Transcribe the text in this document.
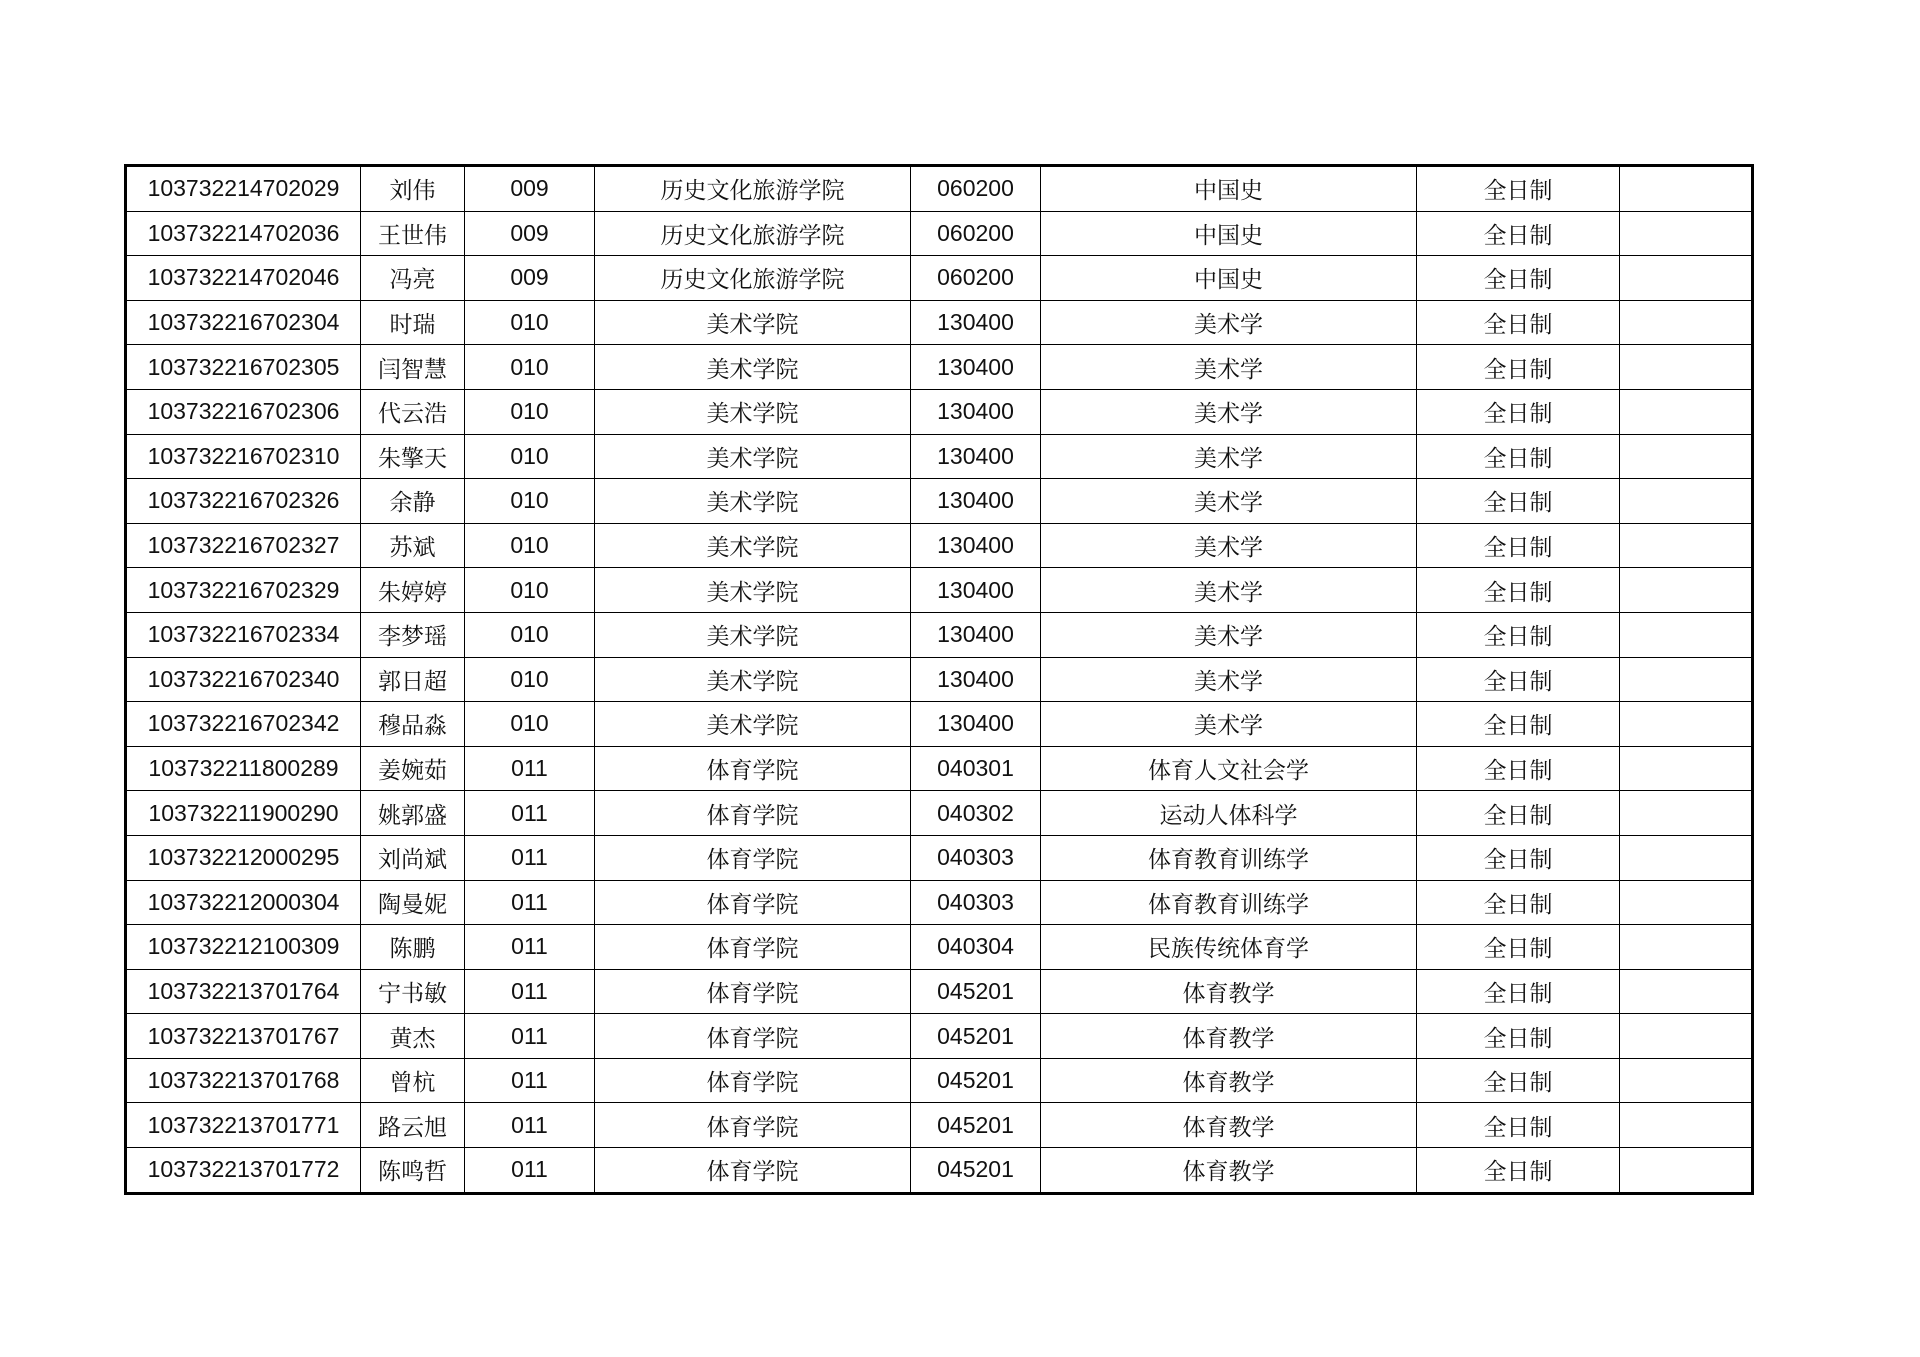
103732214702029	刘伟	009	历史文化旅游学院	060200	中国史	全日制	
103732214702036	王世伟	009	历史文化旅游学院	060200	中国史	全日制	
103732214702046	冯亮	009	历史文化旅游学院	060200	中国史	全日制	
103732216702304	时瑞	010	美术学院	130400	美术学	全日制	
103732216702305	闫智慧	010	美术学院	130400	美术学	全日制	
103732216702306	代云浩	010	美术学院	130400	美术学	全日制	
103732216702310	朱擎天	010	美术学院	130400	美术学	全日制	
103732216702326	余静	010	美术学院	130400	美术学	全日制	
103732216702327	苏斌	010	美术学院	130400	美术学	全日制	
103732216702329	朱婷婷	010	美术学院	130400	美术学	全日制	
103732216702334	李梦瑶	010	美术学院	130400	美术学	全日制	
103732216702340	郭日超	010	美术学院	130400	美术学	全日制	
103732216702342	穆品淼	010	美术学院	130400	美术学	全日制	
103732211800289	姜婉茹	011	体育学院	040301	体育人文社会学	全日制	
103732211900290	姚郭盛	011	体育学院	040302	运动人体科学	全日制	
103732212000295	刘尚斌	011	体育学院	040303	体育教育训练学	全日制	
103732212000304	陶曼妮	011	体育学院	040303	体育教育训练学	全日制	
103732212100309	陈鹏	011	体育学院	040304	民族传统体育学	全日制	
103732213701764	宁书敏	011	体育学院	045201	体育教学	全日制	
103732213701767	黄杰	011	体育学院	045201	体育教学	全日制	
103732213701768	曾杭	011	体育学院	045201	体育教学	全日制	
103732213701771	路云旭	011	体育学院	045201	体育教学	全日制	
103732213701772	陈鸣哲	011	体育学院	045201	体育教学	全日制	
